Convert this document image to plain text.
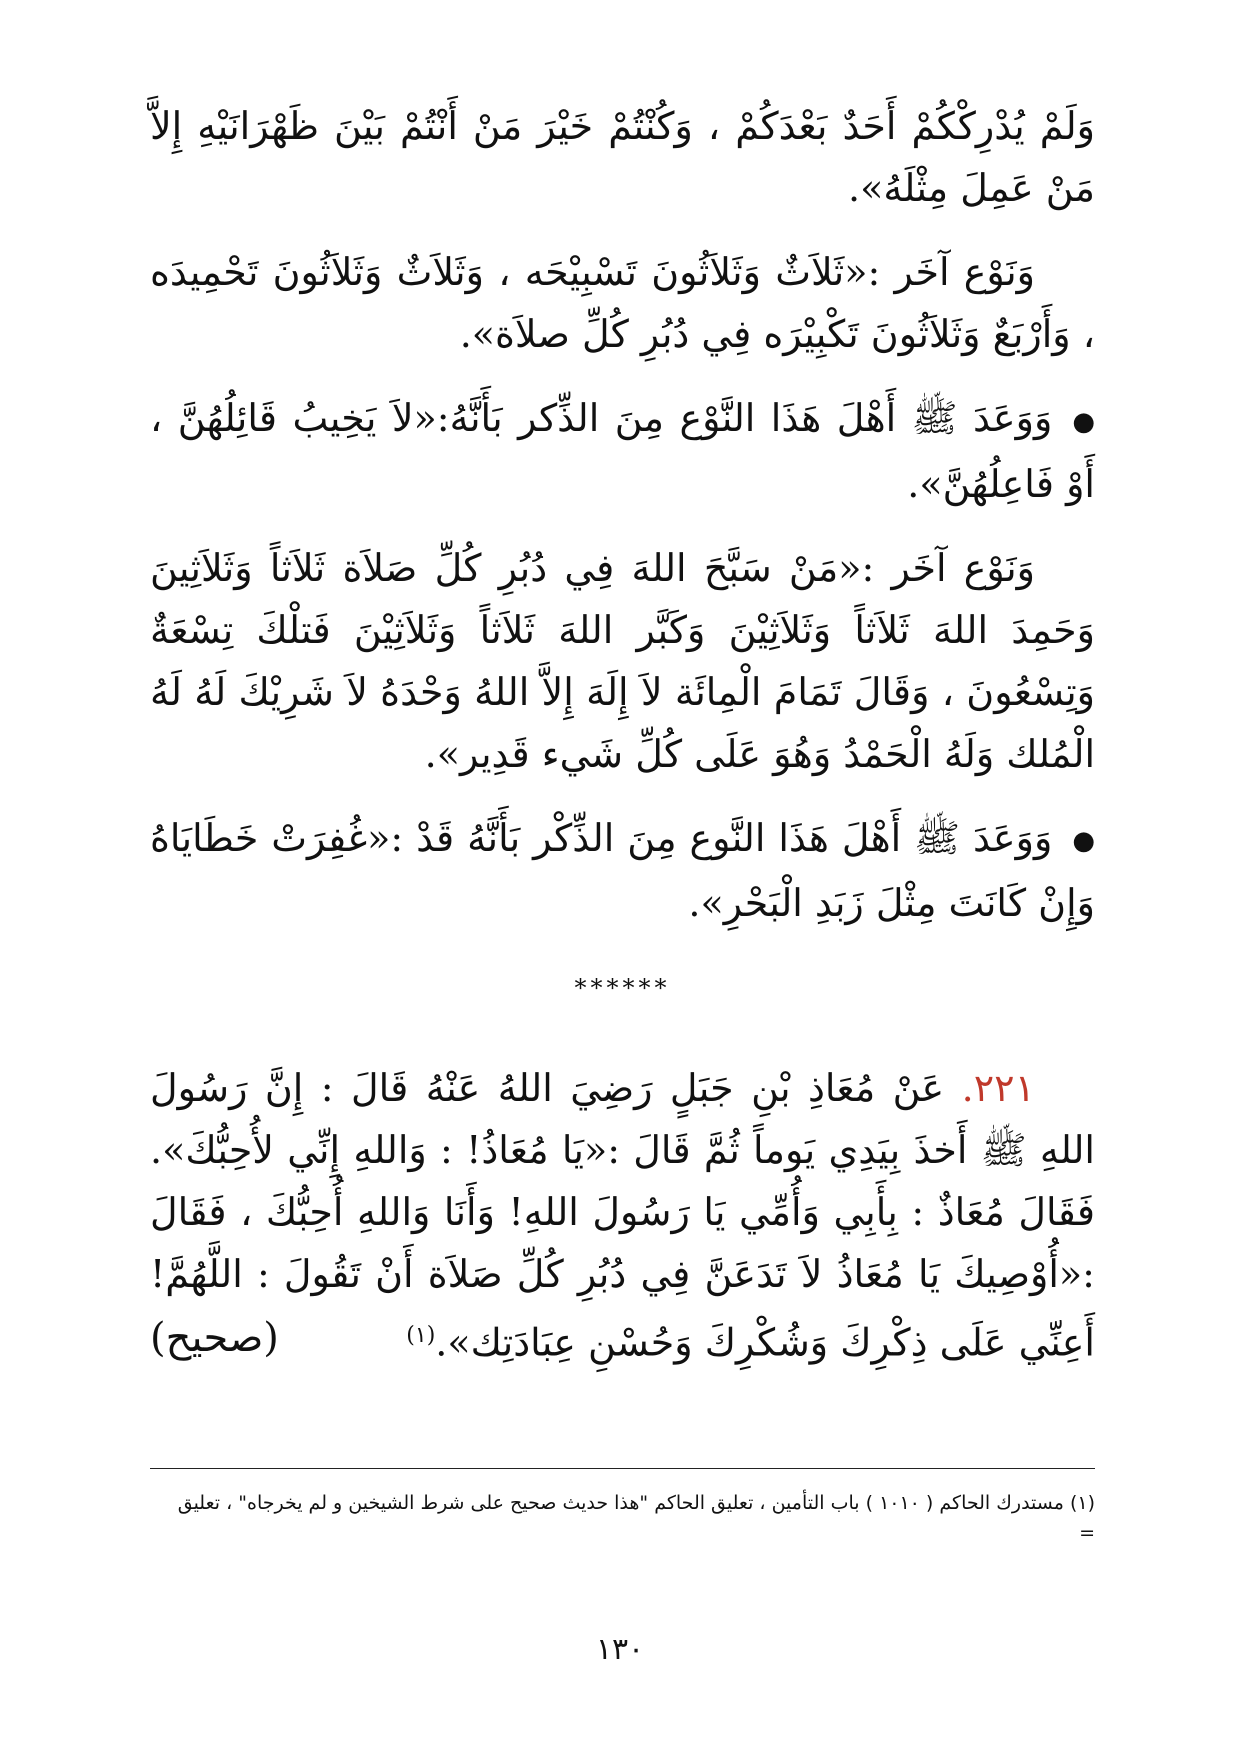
وَلَمْ يُدْرِكْكُمْ أَحَدٌ بَعْدَكُمْ ، وَكُنْتُمْ خَيْرَ مَنْ أَنْتُمْ بَيْنَ ظَهْرَانَيْهِ إِلاَّ مَنْ عَمِلَ مِثْلَهُ».

وَنَوْع آخَر :«ثَلاَثٌ وَثَلاَثُونَ تَسْبِيْحَه ، وَثَلاَثٌ وَثَلاَثُونَ تَحْمِيدَه ، وَأَرْبَعٌ وَثَلاَثُونَ تَكْبِيْرَه فِي دُبُرِ كُلِّ صلاَة».

●وَوَعَدَ ﷺ أَهْلَ هَذَا النَّوْع مِنَ الذِّكر بَأَنَّهُ:«لاَ يَخِيبُ قَائِلُهُنَّ ، أَوْ فَاعِلُهُنَّ».

وَنَوْع آخَر :«مَنْ سَبَّحَ اللهَ فِي دُبُرِ كُلِّ صَلاَة ثَلاَثاً وَثَلاَثِينَ وَحَمِدَ اللهَ ثَلاَثاً وَثَلاَثِيْنَ وَكَبَّر اللهَ ثَلاَثاً وَثَلاَثِيْنَ فَتلْكَ تِسْعَةٌ وَتِسْعُونَ ، وَقَالَ تَمَامَ الْمِائَة لاَ إِلَهَ إِلاَّ اللهُ وَحْدَهُ لاَ شَرِيْكَ لَهُ لَهُ الْمُلك وَلَهُ الْحَمْدُ وَهُوَ عَلَى كُلِّ شَيء قَدِير».

●وَوَعَدَ ﷺ أَهْلَ هَذَا النَّوع مِنَ الذِّكْر بَأَنَّهُ قَدْ :«غُفِرَتْ خَطَايَاهُ وَإِنْ كَانَتَ مِثْلَ زَبَدِ الْبَحْرِ».

******

٢٢١. عَنْ مُعَاذِ بْنِ جَبَلٍ رَضِيَ اللهُ عَنْهُ قَالَ : إِنَّ رَسُولَ اللهِ ﷺ أَخذَ بِيَدِي يَوماً ثُمَّ قَالَ :«يَا مُعَاذُ! : وَاللهِ إِنِّي لأُحِبُّكَ». فَقَالَ مُعَاذٌ : بِأَبِي وَأُمِّي يَا رَسُولَ اللهِ! وَأَنَا وَاللهِ أُحِبُّكَ ، فَقَالَ :«أُوْصِيكَ يَا مُعَاذُ لاَ تَدَعَنَّ فِي دُبُرِ كُلِّ صَلاَة أَنْ تَقُولَ : اللَّهُمَّ! أَعِنِّي عَلَى ذِكْرِكَ وَشُكْرِكَ وَحُسْنِ عِبَادَتِك».$^{(١)}$
(صحيح)

(١) مستدرك الحاكم ( ١٠١٠ ) باب التأمين ، تعليق الحاكم "هذا حديث صحيح على شرط الشيخين و لم يخرجاه" ، تعليق
=
١٣٠
